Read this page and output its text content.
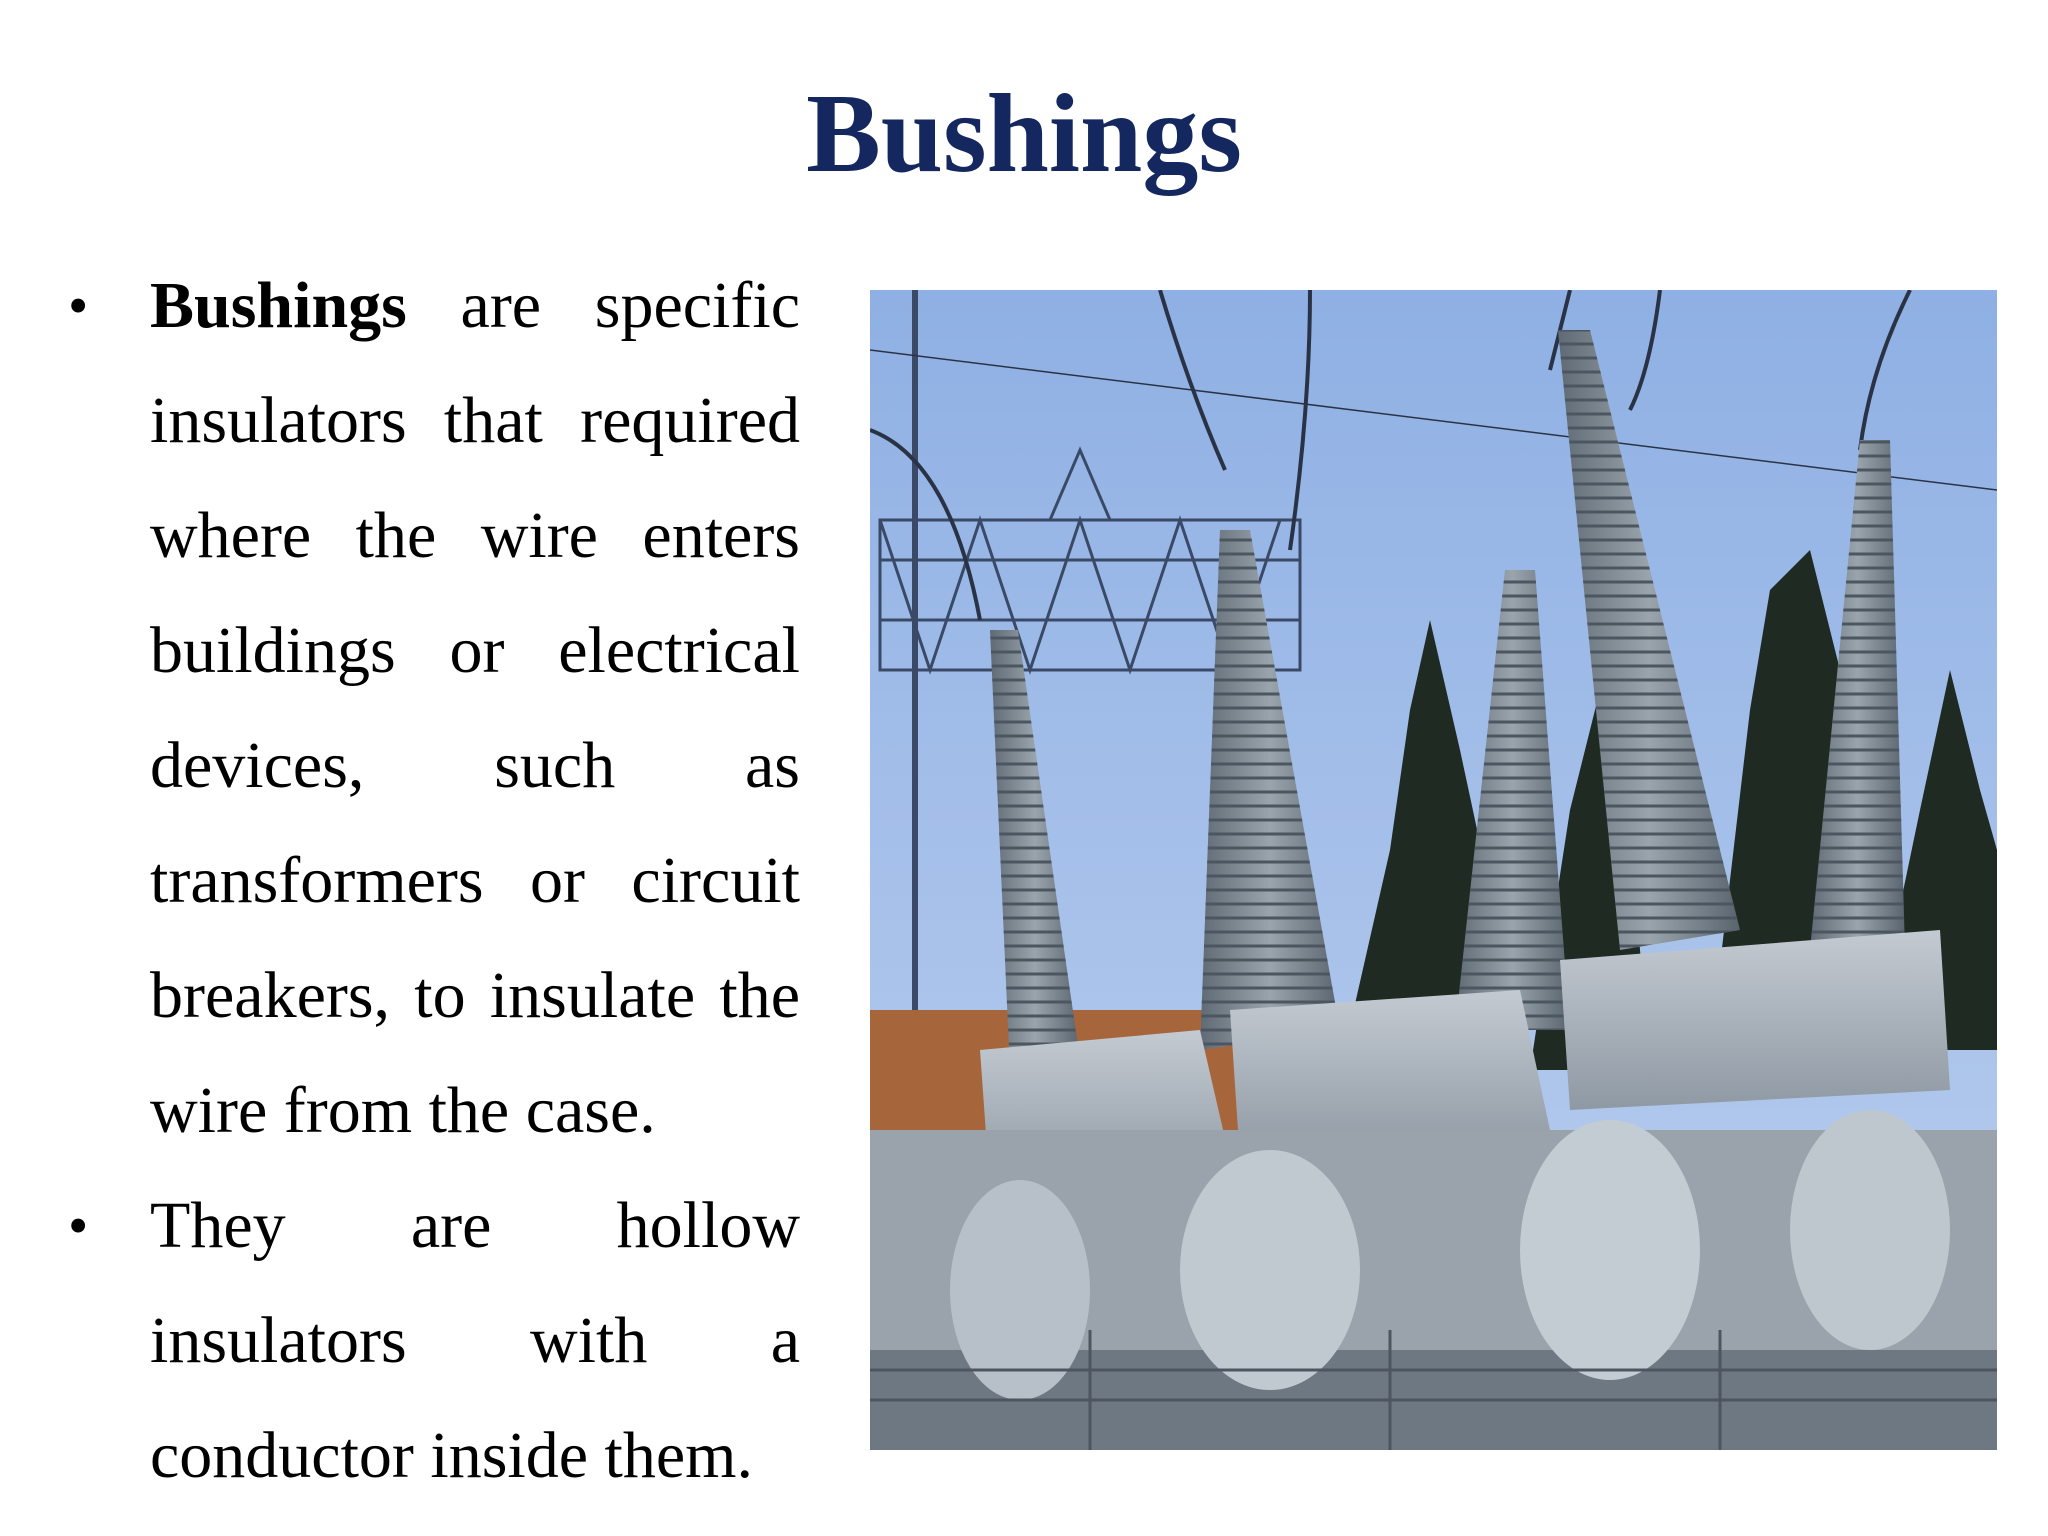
Bushings
• Bushings are specific insulators that required where the wire enters buildings or electrical devices, such as transformers or circuit breakers, to insulate the wire from the case.
• They are hollow insulators with a conductor inside them.
